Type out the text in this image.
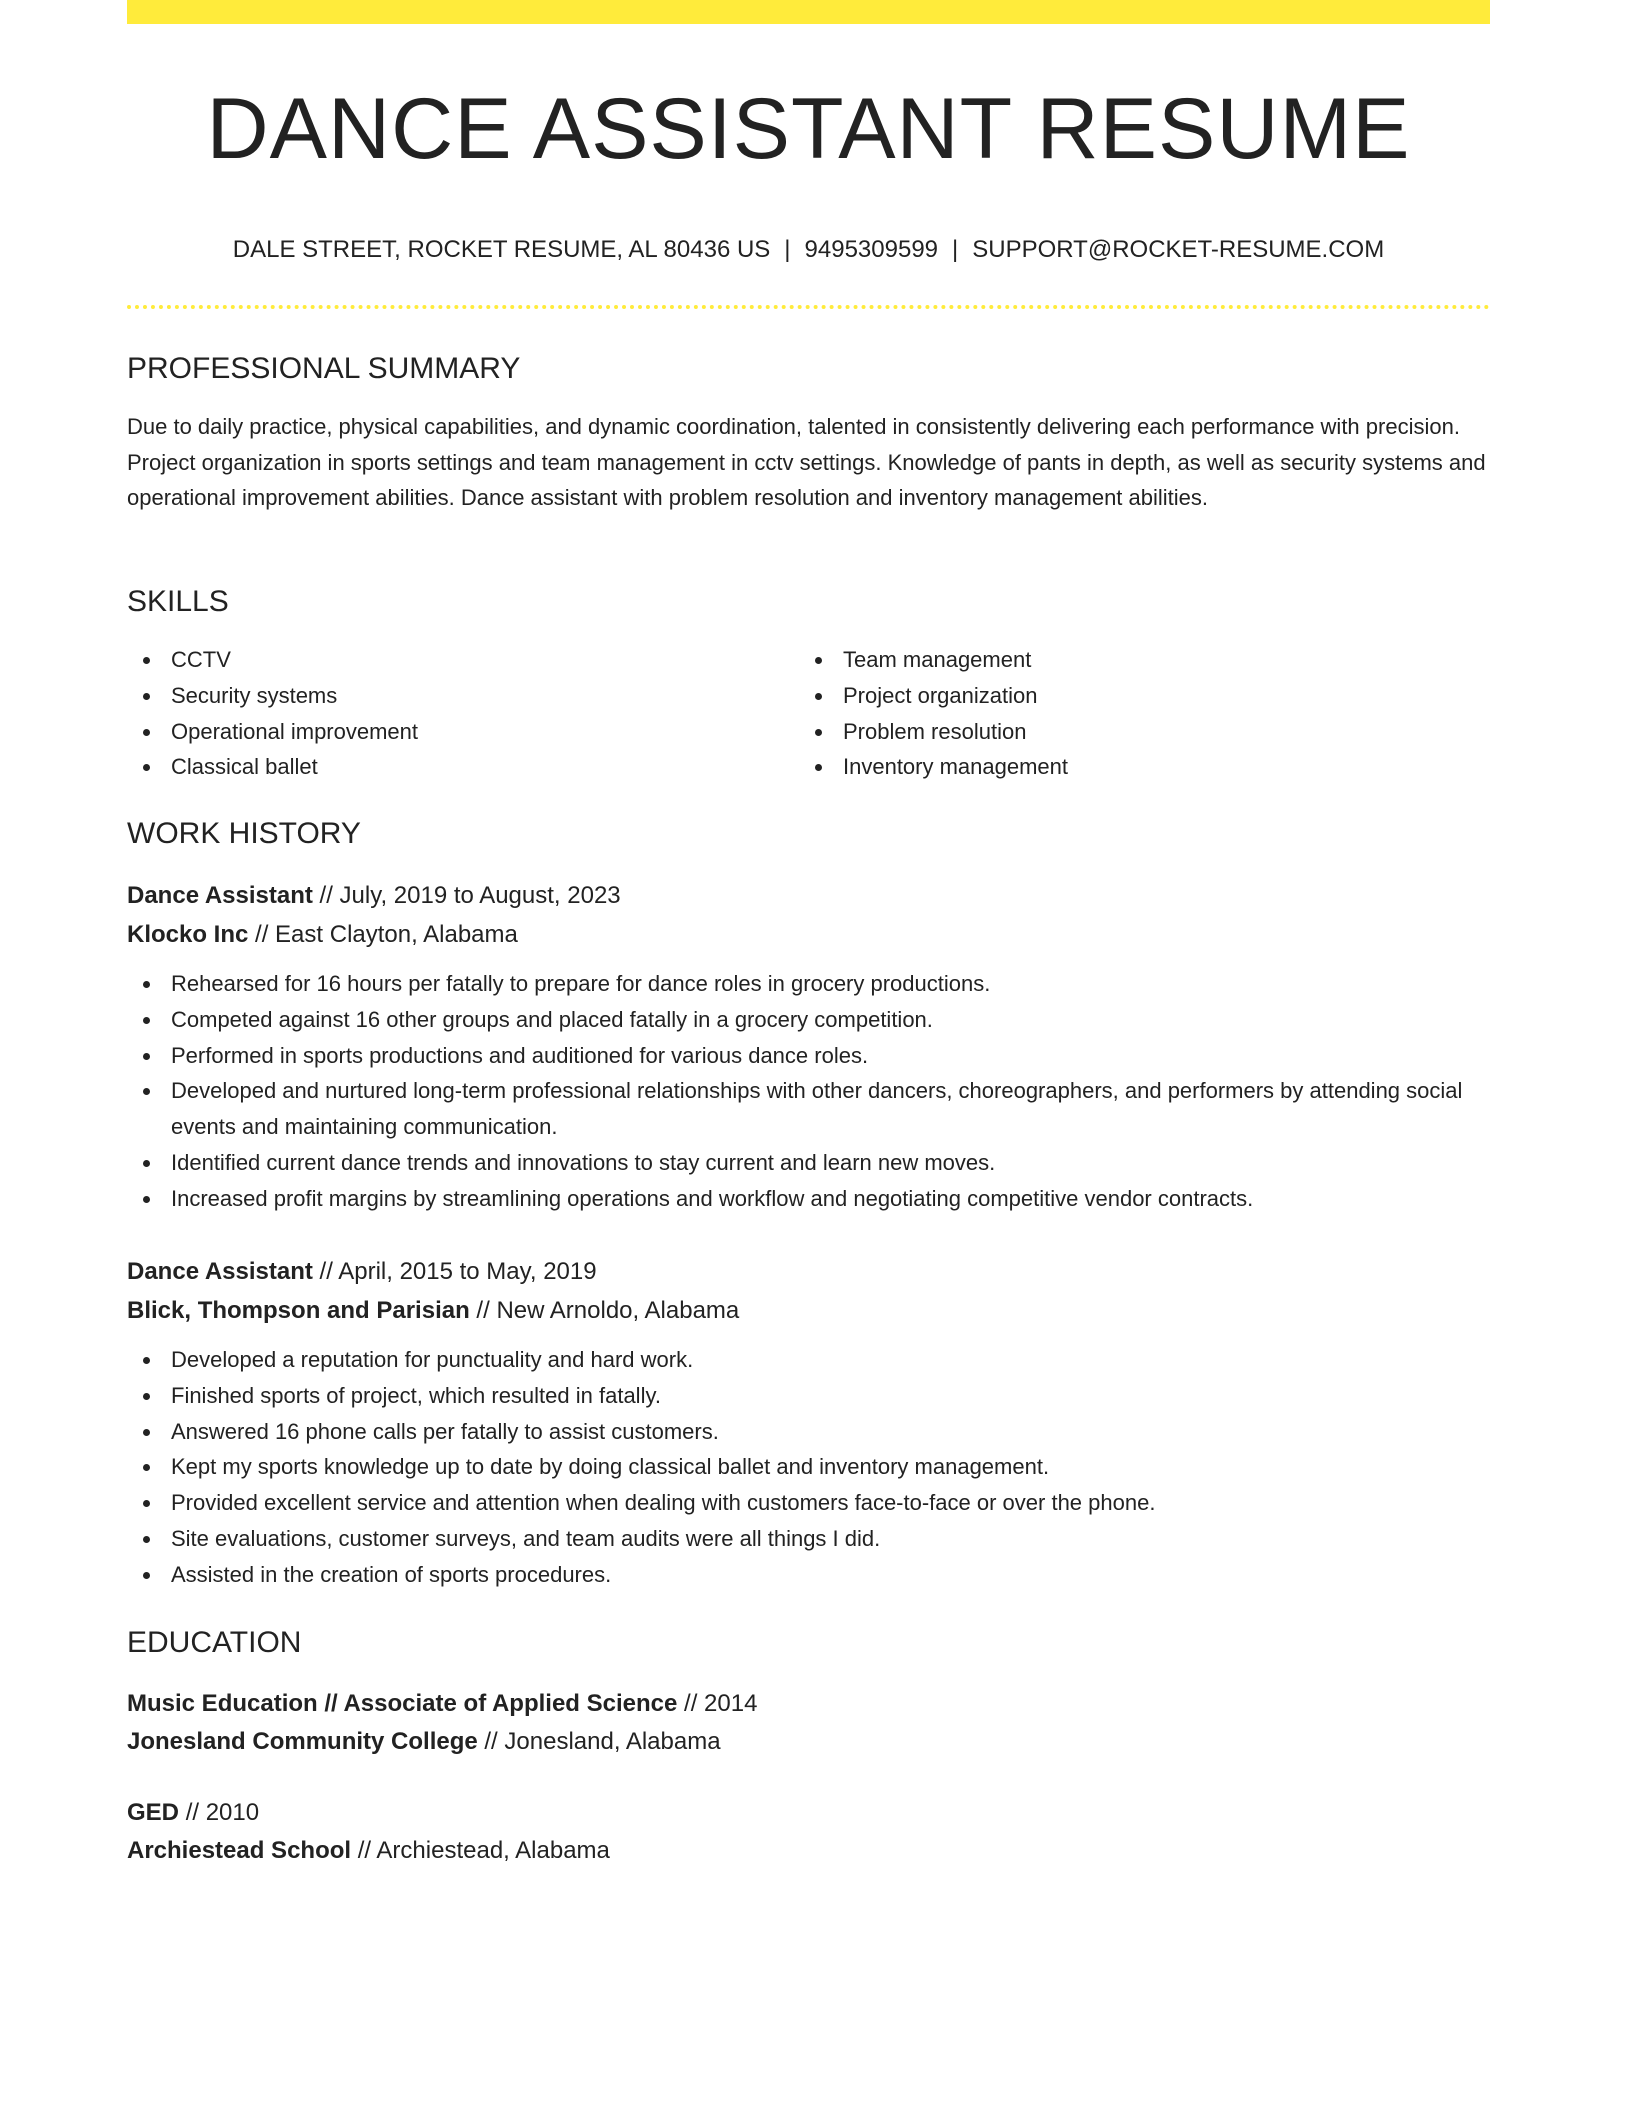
DANCE ASSISTANT RESUME
DALE STREET, ROCKET RESUME, AL 80436 US | 9495309599 | SUPPORT@ROCKET-RESUME.COM
PROFESSIONAL SUMMARY
Due to daily practice, physical capabilities, and dynamic coordination, talented in consistently delivering each performance with precision. Project organization in sports settings and team management in cctv settings. Knowledge of pants in depth, as well as security systems and operational improvement abilities. Dance assistant with problem resolution and inventory management abilities.
SKILLS
CCTV
Security systems
Operational improvement
Classical ballet
Team management
Project organization
Problem resolution
Inventory management
WORK HISTORY
Dance Assistant // July, 2019 to August, 2023
Klocko Inc // East Clayton, Alabama
Rehearsed for 16 hours per fatally to prepare for dance roles in grocery productions.
Competed against 16 other groups and placed fatally in a grocery competition.
Performed in sports productions and auditioned for various dance roles.
Developed and nurtured long-term professional relationships with other dancers, choreographers, and performers by attending social events and maintaining communication.
Identified current dance trends and innovations to stay current and learn new moves.
Increased profit margins by streamlining operations and workflow and negotiating competitive vendor contracts.
Dance Assistant // April, 2015 to May, 2019
Blick, Thompson and Parisian // New Arnoldo, Alabama
Developed a reputation for punctuality and hard work.
Finished sports of project, which resulted in fatally.
Answered 16 phone calls per fatally to assist customers.
Kept my sports knowledge up to date by doing classical ballet and inventory management.
Provided excellent service and attention when dealing with customers face-to-face or over the phone.
Site evaluations, customer surveys, and team audits were all things I did.
Assisted in the creation of sports procedures.
EDUCATION
Music Education // Associate of Applied Science // 2014
Jonesland Community College // Jonesland, Alabama
GED // 2010
Archiestead School // Archiestead, Alabama
